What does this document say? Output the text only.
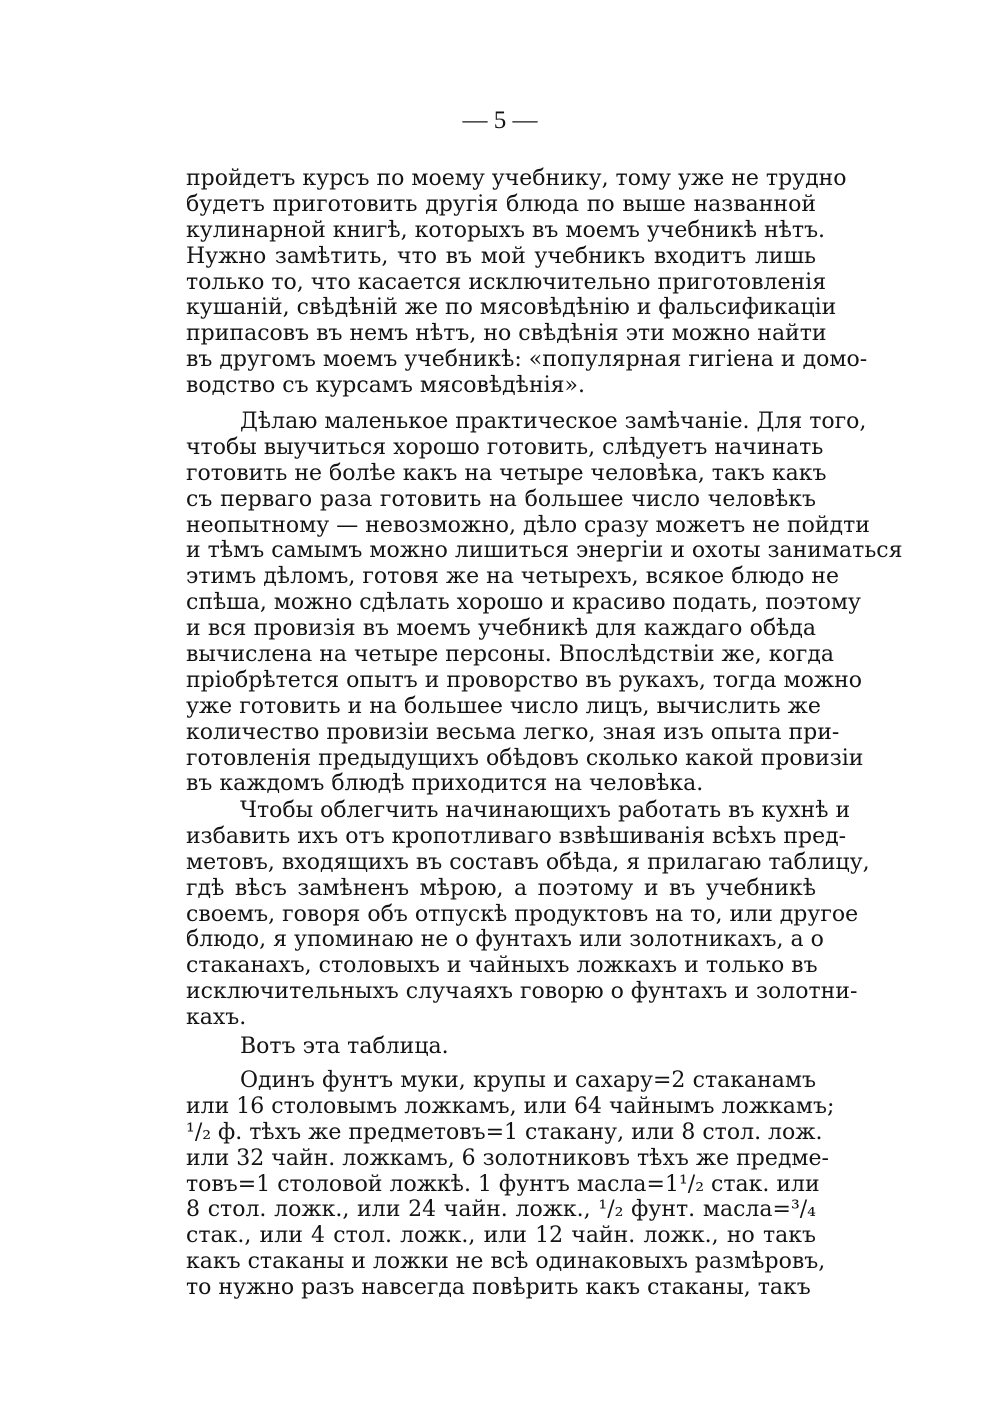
— 5 —
пройдетъ курсъ по моему учебнику, тому уже не трудно
будетъ приготовить другія блюда по выше названной
кулинарной книгѣ, которыхъ въ моемъ учебникѣ нѣтъ.
Нужно замѣтить, что въ мой учебникъ входитъ лишь
только то, что касается исключительно приготовленія
кушаній, свѣдѣній же по мясовѣдѣнію и фальсификаціи
припасовъ въ немъ нѣтъ, но свѣдѣнія эти можно найти
въ другомъ моемъ учебникѣ: «популярная гигіена и домо-
водство съ курсамъ мясовѣдѣнія».
Дѣлаю маленькое практическое замѣчаніе. Для того,
чтобы выучиться хорошо готовить, слѣдуетъ начинать
готовить не болѣе какъ на четыре человѣка, такъ какъ
съ перваго раза готовить на большее число человѣкъ
неопытному — невозможно, дѣло сразу можетъ не пойдти
и тѣмъ самымъ можно лишиться энергіи и охоты заниматься
этимъ дѣломъ, готовя же на четырехъ, всякое блюдо не
спѣша, можно сдѣлать хорошо и красиво подать, поэтому
и вся провизія въ моемъ учебникѣ для каждаго обѣда
вычислена на четыре персоны. Впослѣдствіи же, когда
пріобрѣтется опытъ и проворство въ рукахъ, тогда можно
уже готовить и на большее число лицъ, вычислить же
количество провизіи весьма легко, зная изъ опыта при-
готовленія предыдущихъ обѣдовъ сколько какой провизіи
въ каждомъ блюдѣ приходится на человѣка.
Чтобы облегчить начинающихъ работать въ кухнѣ и
избавить ихъ отъ кропотливаго взвѣшиванія всѣхъ пред-
метовъ, входящихъ въ составъ обѣда, я прилагаю таблицу,
гдѣ вѣсъ замѣненъ мѣрою, а поэтому и въ учебникѣ
своемъ, говоря объ отпускѣ продуктовъ на то, или другое
блюдо, я упоминаю не о фунтахъ или золотникахъ, а о
стаканахъ, столовыхъ и чайныхъ ложкахъ и только въ
исключительныхъ случаяхъ говорю о фунтахъ и золотни-
кахъ.
Вотъ эта таблица.
Одинъ фунтъ муки, крупы и сахару=2 стаканамъ
или 16 столовымъ ложкамъ, или 64 чайнымъ ложкамъ;
¹/₂ ф. тѣхъ же предметовъ=1 стакану, или 8 стол. лож.
или 32 чайн. ложкамъ, 6 золотниковъ тѣхъ же предме-
товъ=1 столовой ложкѣ. 1 фунтъ масла=1¹/₂ стак. или
8 стол. ложк., или 24 чайн. ложк., ¹/₂ фунт. масла=³/₄
стак., или 4 стол. ложк., или 12 чайн. ложк., но такъ
какъ стаканы и ложки не всѣ одинаковыхъ размѣровъ,
то нужно разъ навсегда повѣрить какъ стаканы, такъ
